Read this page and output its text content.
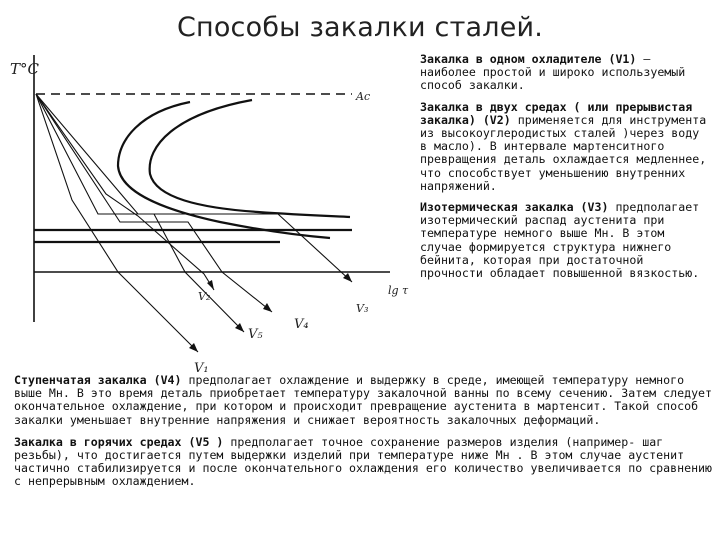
Способы закалки сталей.
T°C
lg τ
Ac
V₁
V₂
V₃
V₄
V₅

Закалка в одном охладителе (V1) – наиболее простой и широко используемый способ закалки.

Закалка в двух средах ( или прерывистая закалка) (V2) применяется для инструмента из высокоуглеродистых сталей )через воду в масло). В интервале мартенситного превращения деталь охлаждается медленнее, что способствует уменьшению внутренних напряжений.

Изотермическая закалка (V3) предполагает изотермический распад аустенита при температуре немного выше Мн. В этом случае формируется структура нижнего бейнита, которая при достаточной прочности обладает повышенной вязкостью.

Ступенчатая закалка (V4) предполагает охлаждение и выдержку в среде, имеющей температуру немного выше Мн. В это время деталь приобретает температуру закалочной ванны по всему сечению. Затем следует окончательное охлаждение, при котором и происходит превращение аустенита в мартенсит. Такой способ закалки уменьшает внутренние напряжения и снижает вероятность закалочных деформаций.

Закалка в горячих средах (V5 ) предполагает точное сохранение размеров изделия (например- шаг резьбы), что достигается путем выдержки изделий при температуре ниже Мн . В этом случае аустенит частично стабилизируется и после окончательного охлаждения его количество увеличивается по сравнению с непрерывным охлаждением.
